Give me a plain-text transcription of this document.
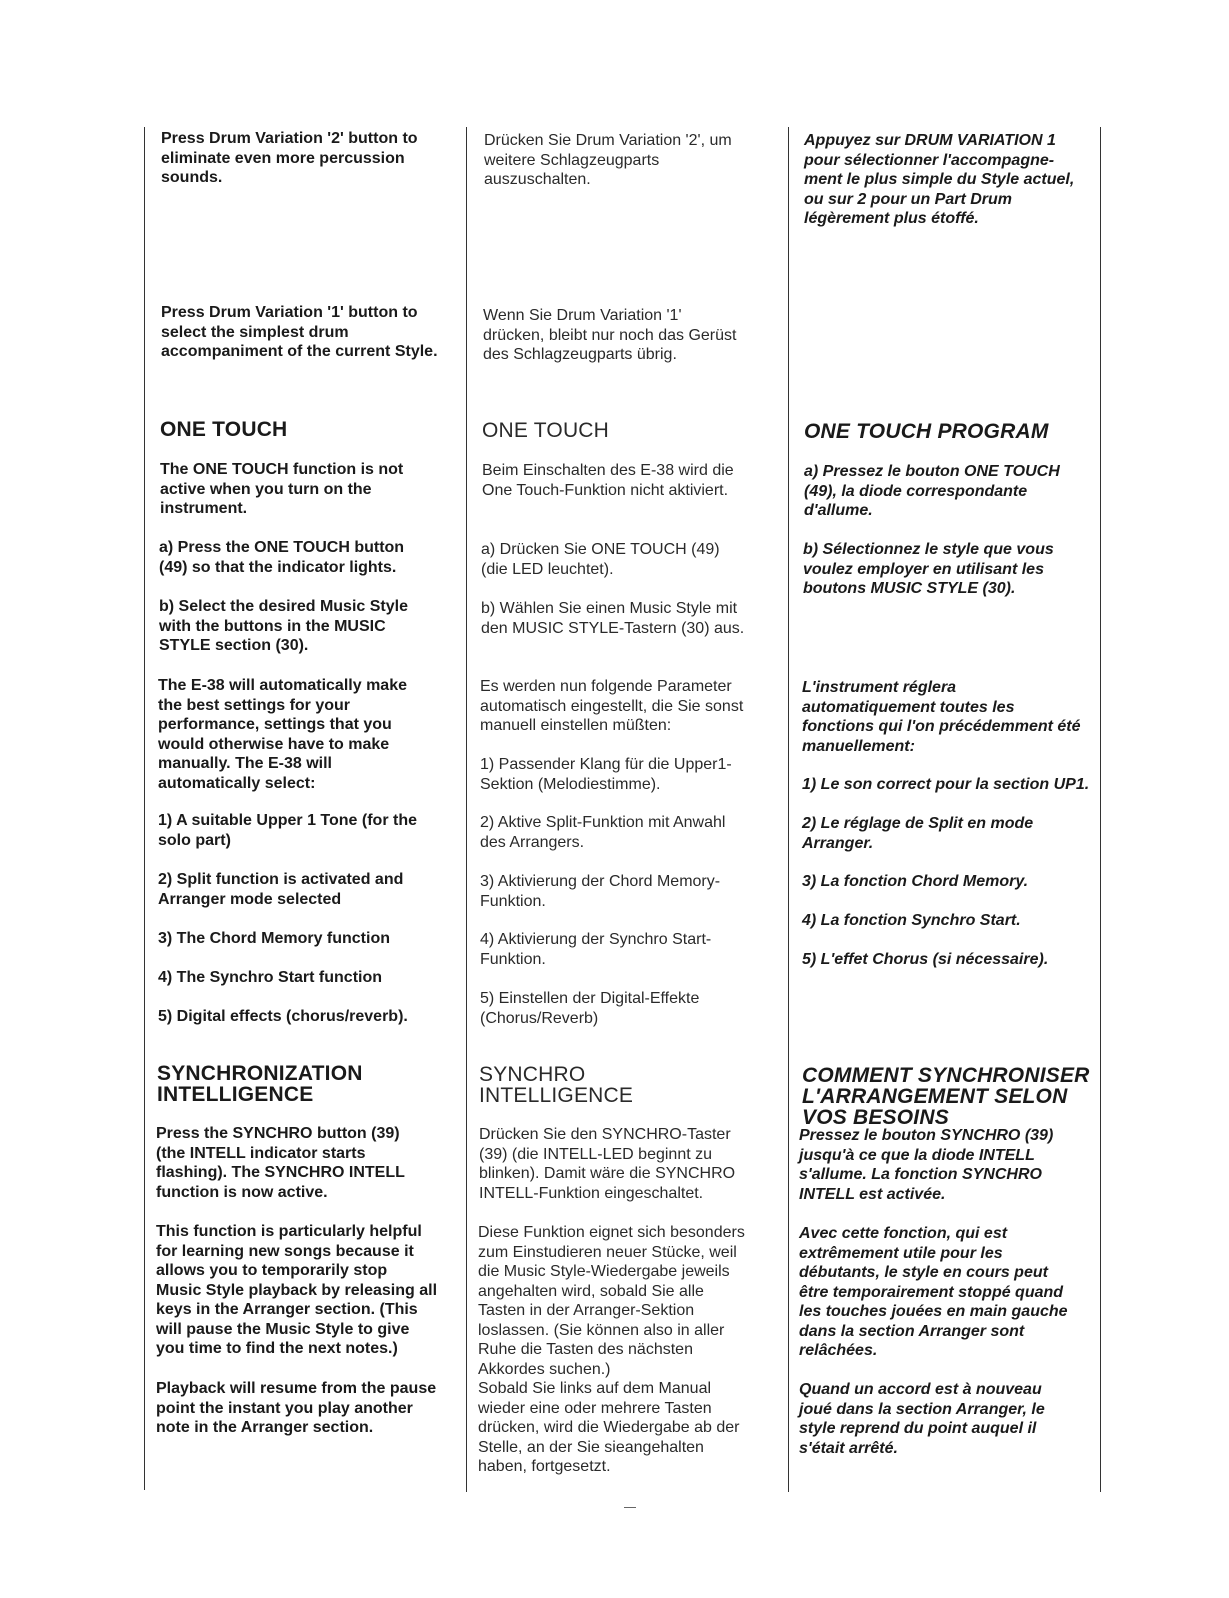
Press Drum Variation '2' button to
eliminate even more percussion
sounds.

Press Drum Variation '1' button to
select the simplest drum
accompaniment of the current Style.

ONE TOUCH

The ONE TOUCH function is not
active when you turn on the
instrument.

a) Press the ONE TOUCH button
(49) so that the indicator lights.

b) Select the desired Music Style
with the buttons in the MUSIC
STYLE section (30).

The E-38 will automatically make
the best settings for your
performance, settings that you
would otherwise have to make
manually. The E-38 will
automatically select:

1) A suitable Upper 1 Tone (for the
solo part)

2) Split function is activated and
Arranger mode selected

3) The Chord Memory function

4) The Synchro Start function

5) Digital effects (chorus/reverb).

SYNCHRONIZATION
INTELLIGENCE

Press the SYNCHRO button (39)
(the INTELL indicator starts
flashing). The SYNCHRO INTELL
function is now active.

This function is particularly helpful
for learning new songs because it
allows you to temporarily stop
Music Style playback by releasing all
keys in the Arranger section. (This
will pause the Music Style to give
you time to find the next notes.)

Playback will resume from the pause
point the instant you play another
note in the Arranger section.

Drücken Sie Drum Variation '2', um
weitere Schlagzeugparts
auszuschalten.

Wenn Sie Drum Variation '1'
drücken, bleibt nur noch das Gerüst
des Schlagzeugparts übrig.

ONE TOUCH

Beim Einschalten des E-38 wird die
One Touch-Funktion nicht aktiviert.

a) Drücken Sie ONE TOUCH (49)
(die LED leuchtet).

b) Wählen Sie einen Music Style mit
den MUSIC STYLE-Tastern (30) aus.

Es werden nun folgende Parameter
automatisch eingestellt, die Sie sonst
manuell einstellen müßten:

1) Passender Klang für die Upper1-
Sektion (Melodiestimme).

2) Aktive Split-Funktion mit Anwahl
des Arrangers.

3) Aktivierung der Chord Memory-
Funktion.

4) Aktivierung der Synchro Start-
Funktion.

5) Einstellen der Digital-Effekte
(Chorus/Reverb)

SYNCHRO
INTELLIGENCE

Drücken Sie den SYNCHRO-Taster
(39) (die INTELL-LED beginnt zu
blinken). Damit wäre die SYNCHRO
INTELL-Funktion eingeschaltet.

Diese Funktion eignet sich besonders
zum Einstudieren neuer Stücke, weil
die Music Style-Wiedergabe jeweils
angehalten wird, sobald Sie alle
Tasten in der Arranger-Sektion
loslassen. (Sie können also in aller
Ruhe die Tasten des nächsten
Akkordes suchen.)
Sobald Sie links auf dem Manual
wieder eine oder mehrere Tasten
drücken, wird die Wiedergabe ab der
Stelle, an der Sie sieangehalten
haben, fortgesetzt.

Appuyez sur DRUM VARIATION 1
pour sélectionner l'accompagne-
ment le plus simple du Style actuel,
ou sur 2 pour un Part Drum
légèrement plus étoffé.

ONE TOUCH PROGRAM

a) Pressez le bouton ONE TOUCH
(49), la diode correspondante
d'allume.

b) Sélectionnez le style que vous
voulez employer en utilisant les
boutons MUSIC STYLE (30).

L'instrument réglera
automatiquement toutes les
fonctions qui l'on précédemment été
manuellement:

1) Le son correct pour la section UP1.

2) Le réglage de Split en mode
Arranger.

3) La fonction Chord Memory.

4) La fonction Synchro Start.

5) L'effet Chorus (si nécessaire).

COMMENT SYNCHRONISER
L'ARRANGEMENT SELON
VOS BESOINS

Pressez le bouton SYNCHRO (39)
jusqu'à ce que la diode INTELL
s'allume. La fonction SYNCHRO
INTELL est activée.

Avec cette fonction, qui est
extrêmement utile pour les
débutants, le style en cours peut
être temporairement stoppé quand
les touches jouées en main gauche
dans la section Arranger sont
relâchées.

Quand un accord est à nouveau
joué dans la section Arranger, le
style reprend du point auquel il
s'était arrêté.
